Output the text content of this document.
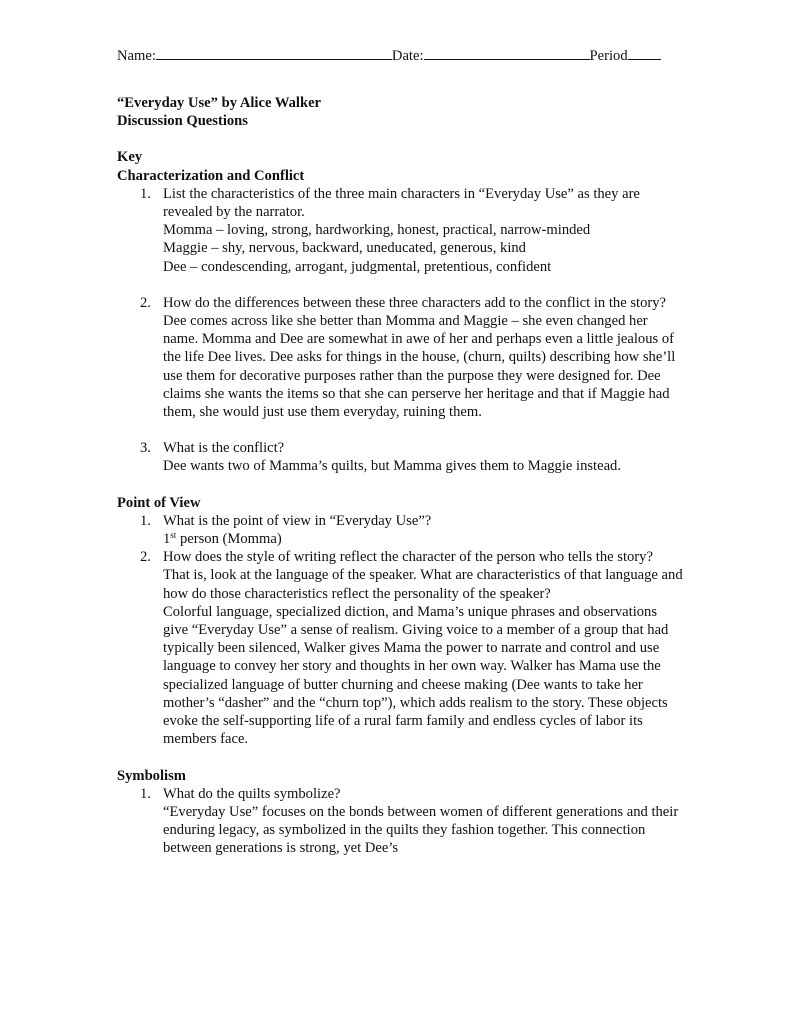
Name:	Date:	Period

“Everyday Use” by Alice Walker

Discussion Questions

Key

Characterization and Conflict

1. List the characteristics of the three main characters in “Everyday Use” as they are revealed by the narrator.

Momma – loving, strong, hardworking, honest, practical, narrow-minded

Maggie – shy, nervous, backward, uneducated, generous, kind

Dee – condescending, arrogant, judgmental, pretentious, confident

2. How do the differences between these three characters add to the conflict in the story?

Dee comes across like she better than Momma and Maggie – she even changed her name. Momma and Dee are somewhat in awe of her and perhaps even a little jealous of the life Dee lives. Dee asks for things in the house, (churn, quilts) describing how she’ll use them for decorative purposes rather than the purpose they were designed for. Dee claims she wants the items so that she can perserve her heritage and that if Maggie had them, she would just use them everyday, ruining them.

3. What is the conflict?

Dee wants two of Mamma’s quilts, but Mamma gives them to Maggie instead.

Point of View

1. What is the point of view in “Everyday Use”?

1st person (Momma)

2. How does the style of writing reflect the character of the person who tells the story? That is, look at the language of the speaker. What are characteristics of that language and how do those characteristics reflect the personality of the speaker?

Colorful language, specialized diction, and Mama’s unique phrases and observations give “Everyday Use” a sense of realism. Giving voice to a member of a group that had typically been silenced, Walker gives Mama the power to narrate and control and use language to convey her story and thoughts in her own way. Walker has Mama use the specialized language of butter churning and cheese making (Dee wants to take her mother’s “dasher” and the “churn top”), which adds realism to the story. These objects evoke the self-supporting life of a rural farm family and endless cycles of labor its members face.

Symbolism

1. What do the quilts symbolize?

“Everyday Use” focuses on the bonds between women of different generations and their enduring legacy, as symbolized in the quilts they fashion together. This connection between generations is strong, yet Dee’s
